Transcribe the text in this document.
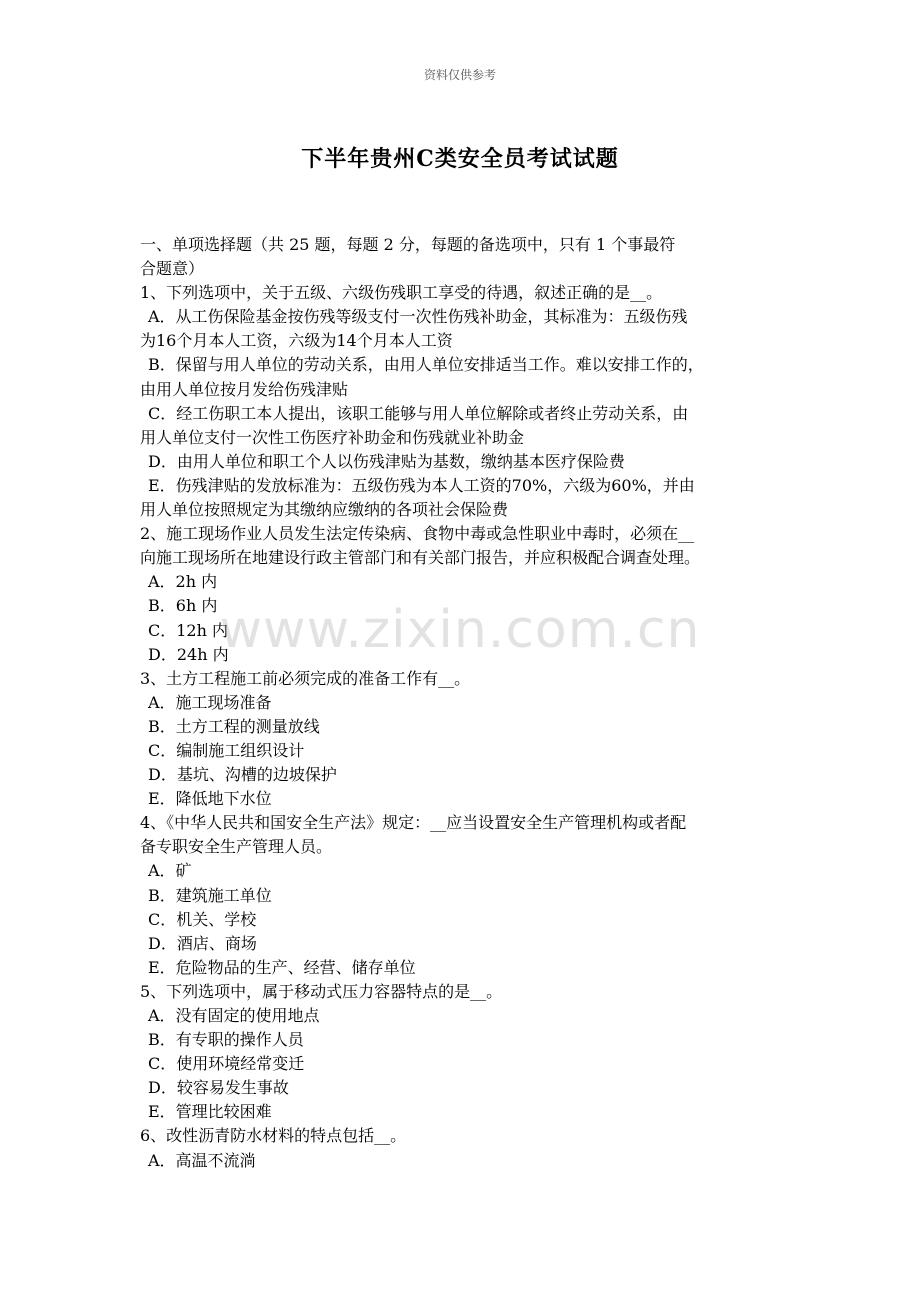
资料仅供参考
下半年贵州C类安全员考试试题
一、单项选择题（共 25 题，每题 2 分，每题的备选项中，只有 1 个事最符
合题意）
1、下列选项中，关于五级、六级伤残职工享受的待遇，叙述正确的是__。
A．从工伤保险基金按伤残等级支付一次性伤残补助金，其标准为：五级伤残
为16个月本人工资，六级为14个月本人工资
B．保留与用人单位的劳动关系，由用人单位安排适当工作。难以安排工作的，
由用人单位按月发给伤残津贴
C．经工伤职工本人提出，该职工能够与用人单位解除或者终止劳动关系，由
用人单位支付一次性工伤医疗补助金和伤残就业补助金
D．由用人单位和职工个人以伤残津贴为基数，缴纳基本医疗保险费
E．伤残津贴的发放标准为：五级伤残为本人工资的70%，六级为60%，并由
用人单位按照规定为其缴纳应缴纳的各项社会保险费
2、施工现场作业人员发生法定传染病、食物中毒或急性职业中毒时，必须在__
向施工现场所在地建设行政主管部门和有关部门报告，并应积极配合调查处理。
A．2h 内
B．6h 内
C．12h 内
D．24h 内
3、土方工程施工前必须完成的准备工作有__。
A．施工现场准备
B．土方工程的测量放线
C．编制施工组织设计
D．基坑、沟槽的边坡保护
E．降低地下水位
4、《中华人民共和国安全生产法》规定：__应当设置安全生产管理机构或者配
备专职安全生产管理人员。
A．矿
B．建筑施工单位
C．机关、学校
D．酒店、商场
E．危险物品的生产、经营、储存单位
5、下列选项中，属于移动式压力容器特点的是__。
A．没有固定的使用地点
B．有专职的操作人员
C．使用环境经常变迁
D．较容易发生事故
E．管理比较困难
6、改性沥青防水材料的特点包括__。
A．高温不流淌
www.zixin.com.cn
